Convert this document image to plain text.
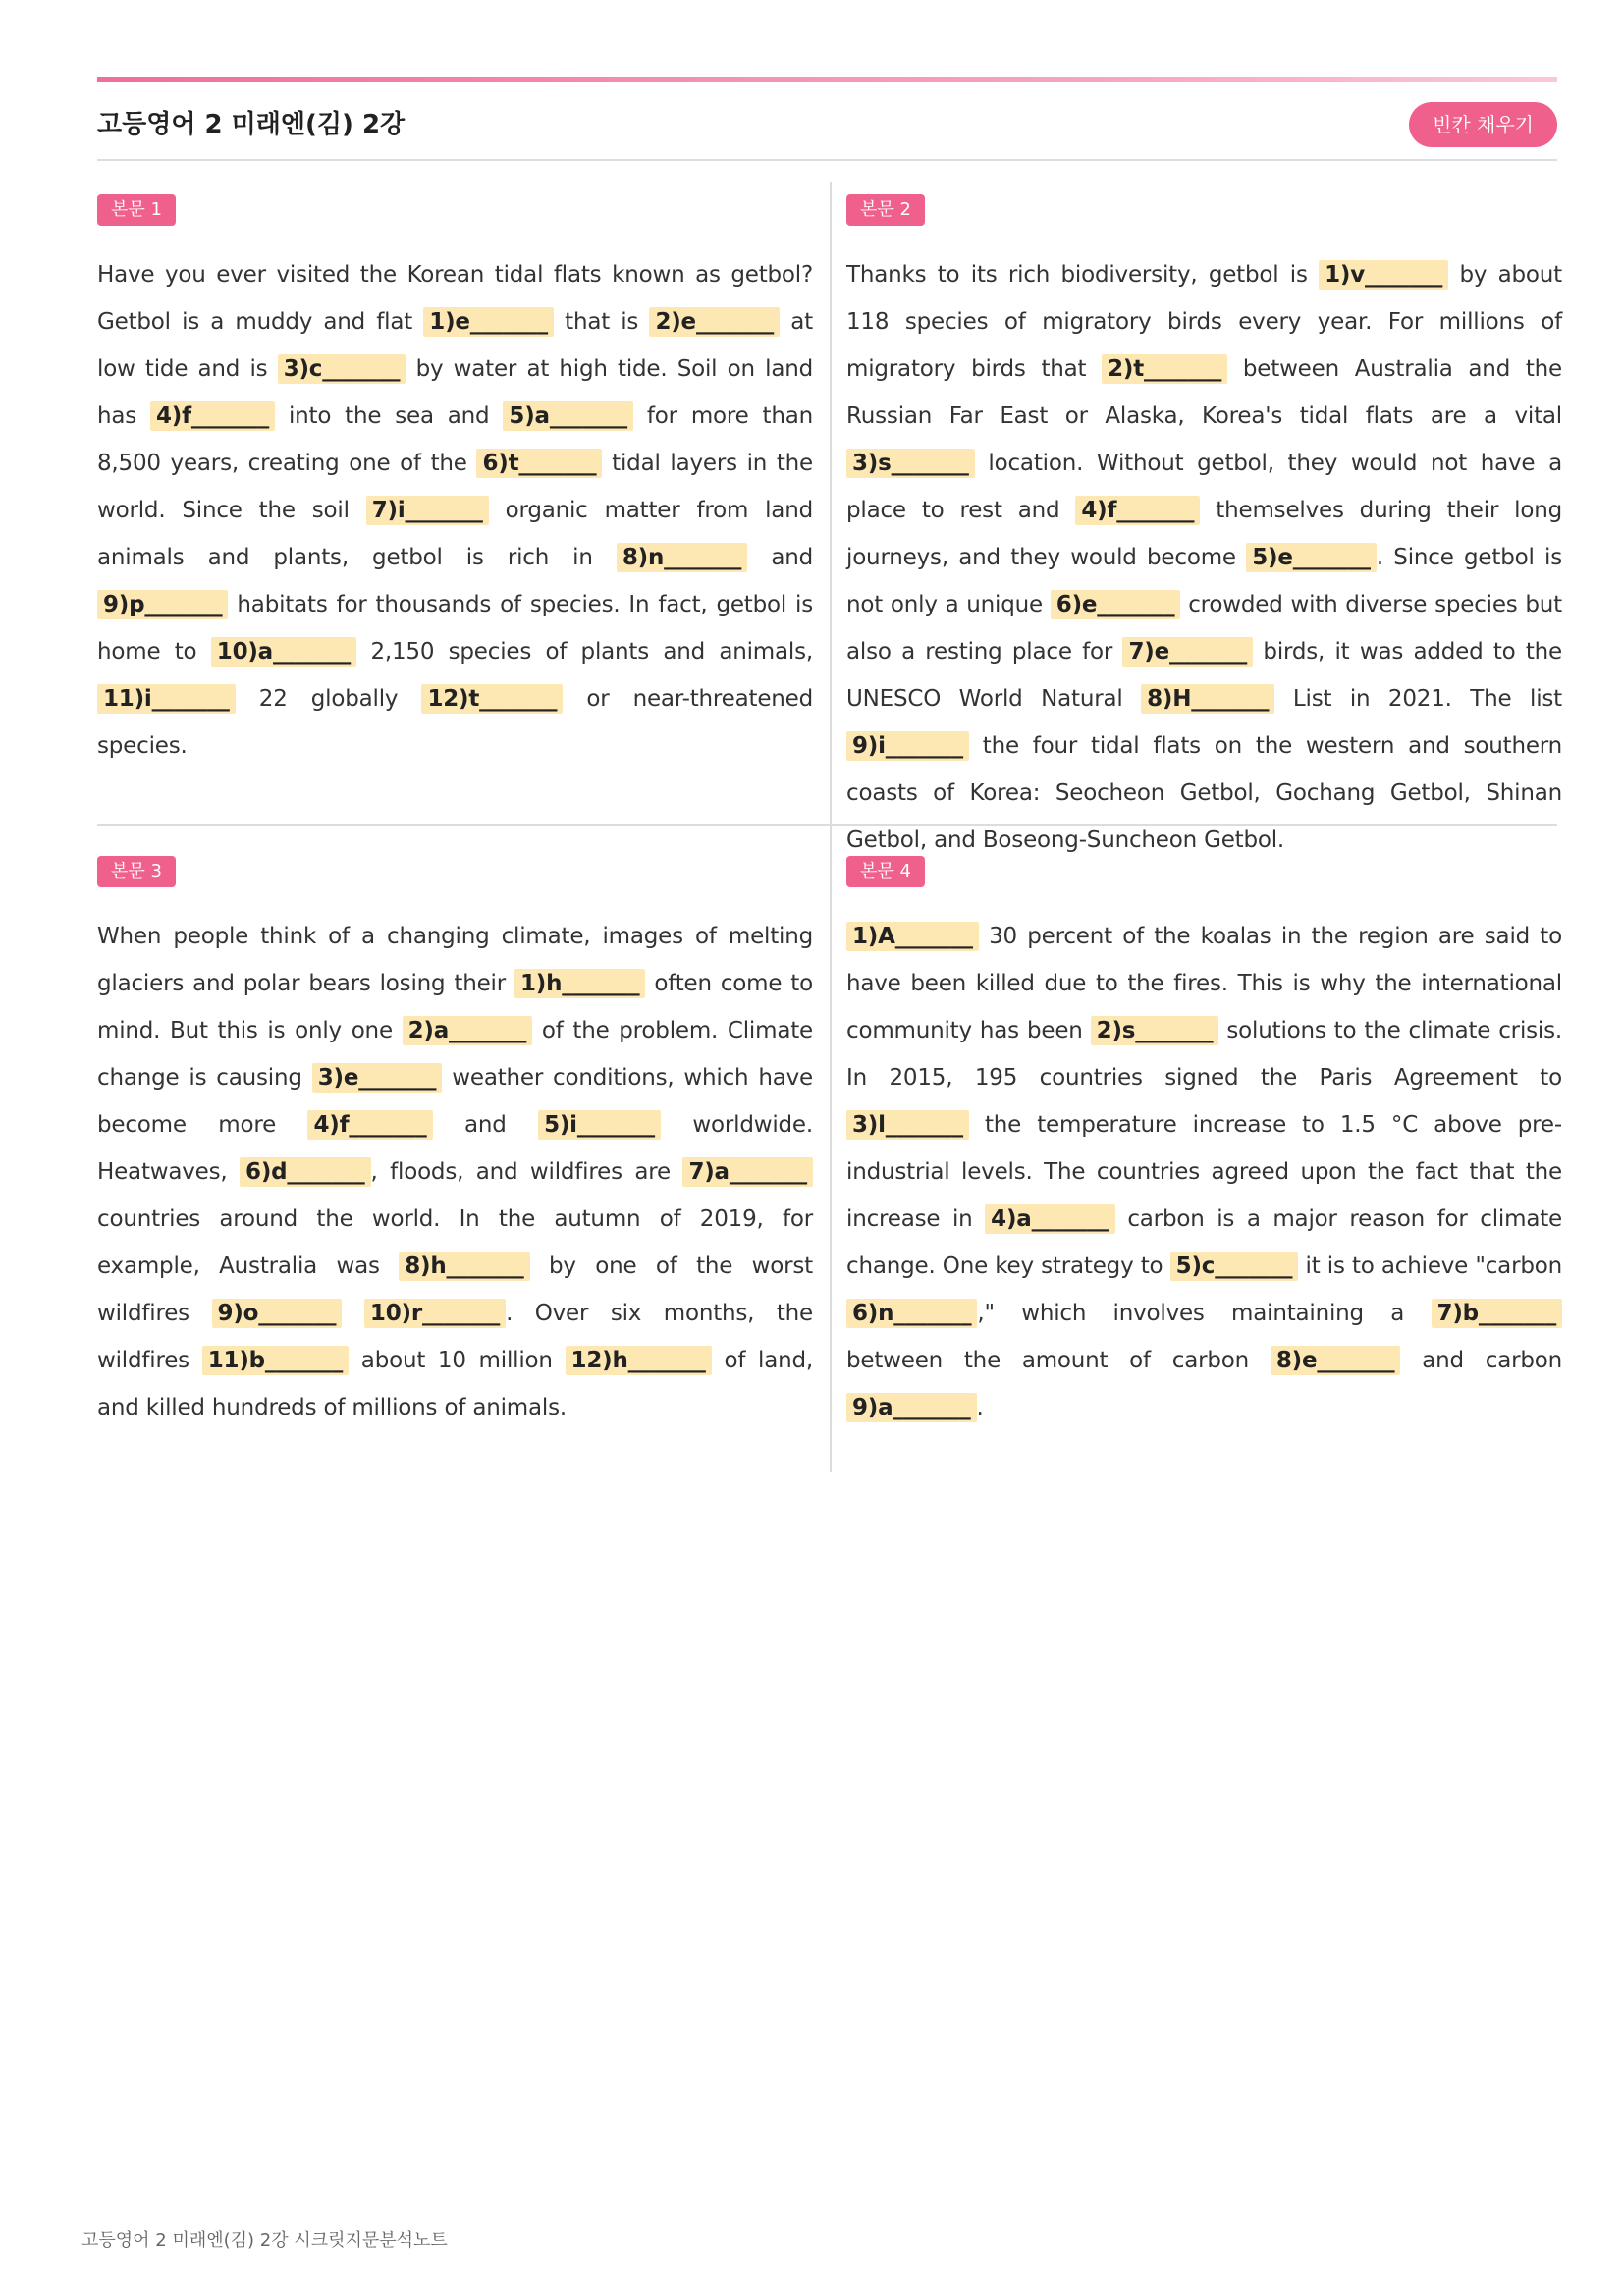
고등영어 2 미래엔(김) 2강	빈칸 채우기
본문 1
Have you ever visited the Korean tidal flats known as getbol? Getbol is a muddy and flat 1)e_______ that is 2)e_______ at low tide and is 3)c_______ by water at high tide. Soil on land has 4)f_______ into the sea and 5)a_______ for more than 8,500 years, creating one of the 6)t_______ tidal layers in the world. Since the soil 7)i_______ organic matter from land animals and plants, getbol is rich in 8)n_______ and 9)p_______ habitats for thousands of species. In fact, getbol is home to 10)a_______ 2,150 species of plants and animals, 11)i_______ 22 globally 12)t_______ or near-threatened species.
본문 2
Thanks to its rich biodiversity, getbol is 1)v_______ by about 118 species of migratory birds every year. For millions of migratory birds that 2)t_______ between Australia and the Russian Far East or Alaska, Korea's tidal flats are a vital 3)s_______ location. Without getbol, they would not have a place to rest and 4)f_______ themselves during their long journeys, and they would become 5)e_______ . Since getbol is not only a unique 6)e_______ crowded with diverse species but also a resting place for 7)e_______ birds, it was added to the UNESCO World Natural 8)H_______ List in 2021. The list 9)i_______ the four tidal flats on the western and southern coasts of Korea: Seocheon Getbol, Gochang Getbol, Shinan Getbol, and Boseong-Suncheon Getbol.
본문 3
When people think of a changing climate, images of melting glaciers and polar bears losing their 1)h_______ often come to mind. But this is only one 2)a_______ of the problem. Climate change is causing 3)e_______ weather conditions, which have become more 4)f_______ and 5)i_______ worldwide. Heatwaves, 6)d_______ , floods, and wildfires are 7)a_______ countries around the world. In the autumn of 2019, for example, Australia was 8)h_______ by one of the worst wildfires 9)o_______ 10)r_______ . Over six months, the wildfires 11)b_______ about 10 million 12)h_______ of land, and killed hundreds of millions of animals.
본문 4
1)A_______ 30 percent of the koalas in the region are said to have been killed due to the fires. This is why the international community has been 2)s_______ solutions to the climate crisis. In 2015, 195 countries signed the Paris Agreement to 3)l_______ the temperature increase to 1.5 °C above pre-industrial levels. The countries agreed upon the fact that the increase in 4)a_______ carbon is a major reason for climate change. One key strategy to 5)c_______ it is to achieve "carbon 6)n_______ ," which involves maintaining a 7)b_______ between the amount of carbon 8)e_______ and carbon 9)a_______ .
고등영어 2 미래엔(김) 2강 시크릿지문분석노트
